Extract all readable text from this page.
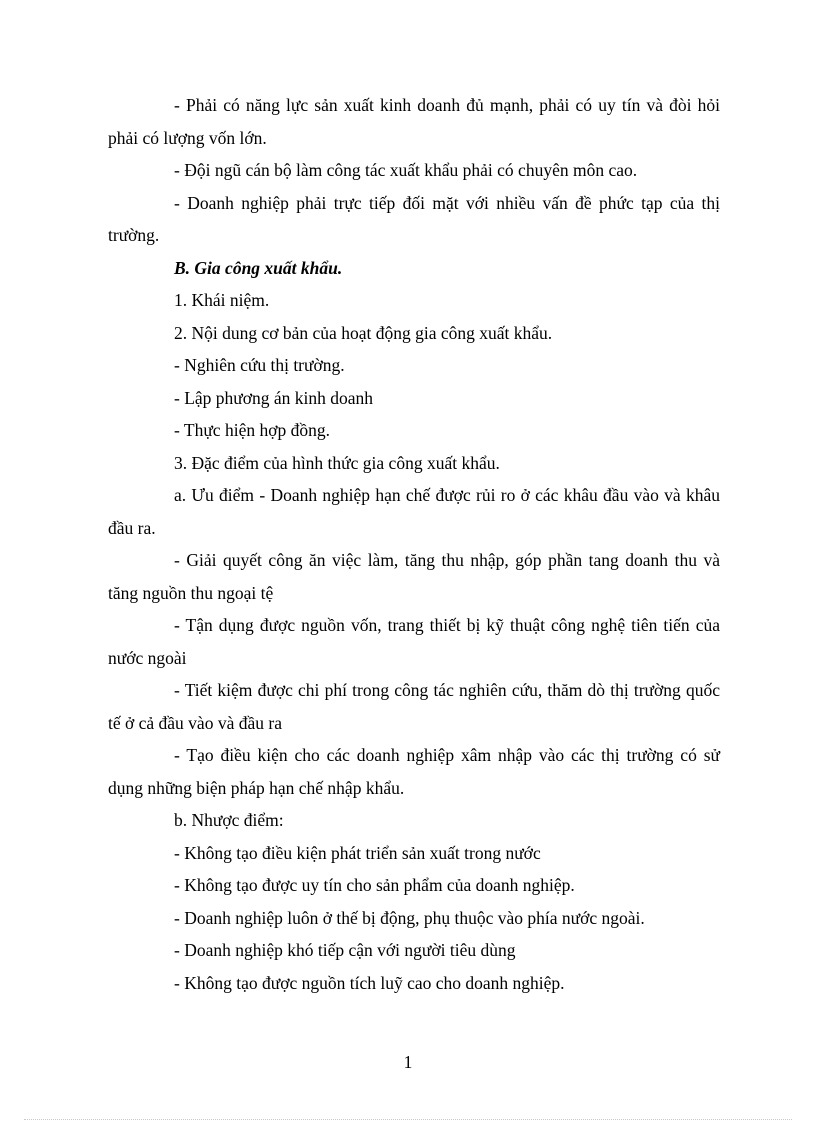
- Phải có năng lực sản xuất kinh doanh đủ mạnh, phải có uy tín và đòi hỏi phải có lượng vốn lớn.

- Đội ngũ cán bộ làm công tác xuất khẩu phải có chuyên môn cao.

- Doanh nghiệp phải trực tiếp đối mặt với nhiều vấn đề phức tạp của thị trường.

B. Gia công xuất khẩu.

1. Khái niệm.

2. Nội dung cơ bản của hoạt động gia công xuất khẩu.

- Nghiên cứu thị trường.

- Lập phương án kinh doanh

- Thực hiện hợp đồng.

3. Đặc điểm của hình thức gia công xuất khẩu.

a. Ưu điểm - Doanh nghiệp hạn chế được rủi ro ở các khâu đầu vào và khâu đầu ra.

- Giải quyết công ăn việc làm, tăng thu nhập, góp phần tang doanh thu và tăng nguồn thu ngoại tệ

- Tận dụng được nguồn vốn, trang thiết bị kỹ thuật công nghệ tiên tiến của nước ngoài

- Tiết kiệm được chi phí trong công tác nghiên cứu, thăm dò thị trường quốc tế ở cả đầu vào và đầu ra

- Tạo điều kiện cho các doanh nghiệp xâm nhập vào các thị trường có sử dụng những biện pháp hạn chế nhập khẩu.

b. Nhược điểm:

- Không tạo điều kiện phát triển sản xuất trong nước

- Không tạo được uy tín cho sản phẩm của doanh nghiệp.

- Doanh nghiệp luôn ở thế bị động, phụ thuộc vào phía nước ngoài.

- Doanh nghiệp khó tiếp cận với người tiêu dùng

- Không tạo được nguồn tích luỹ cao cho doanh nghiệp.

1
